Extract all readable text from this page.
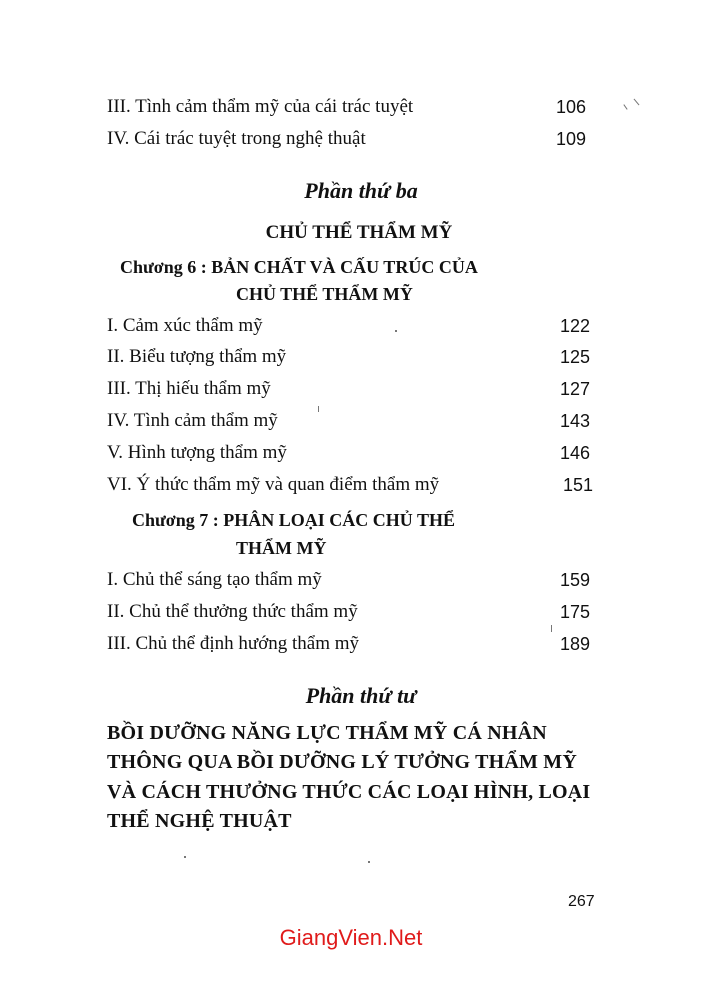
III. Tình cảm thẩm mỹ của cái trác tuyệt	106
IV. Cái trác tuyệt trong nghệ thuật	109
Phần thứ ba
CHỦ THỂ THẨM MỸ
Chương 6 : BẢN CHẤT VÀ CẤU TRÚC CỦA
CHỦ THỂ THẨM MỸ
I. Cảm xúc thẩm mỹ	122
II. Biểu tượng thẩm mỹ	125
III. Thị hiếu thẩm mỹ	127
IV. Tình cảm thẩm mỹ	143
V. Hình tượng thẩm mỹ	146
VI. Ý thức thẩm mỹ và quan điểm thẩm mỹ	151
Chương 7 : PHÂN LOẠI CÁC CHỦ THỂ
THẨM MỸ
I. Chủ thể sáng tạo thẩm mỹ	159
II. Chủ thể thưởng thức thẩm mỹ	175
III. Chủ thể định hướng thẩm mỹ	189
Phần thứ tư
BỒI DƯỠNG NĂNG LỰC THẨM MỸ CÁ NHÂN
THÔNG QUA BỒI DƯỠNG LÝ TƯỞNG THẨM MỸ
VÀ CÁCH THƯỞNG THỨC CÁC LOẠI HÌNH, LOẠI
THỂ NGHỆ THUẬT
267
GiangVien.Net
